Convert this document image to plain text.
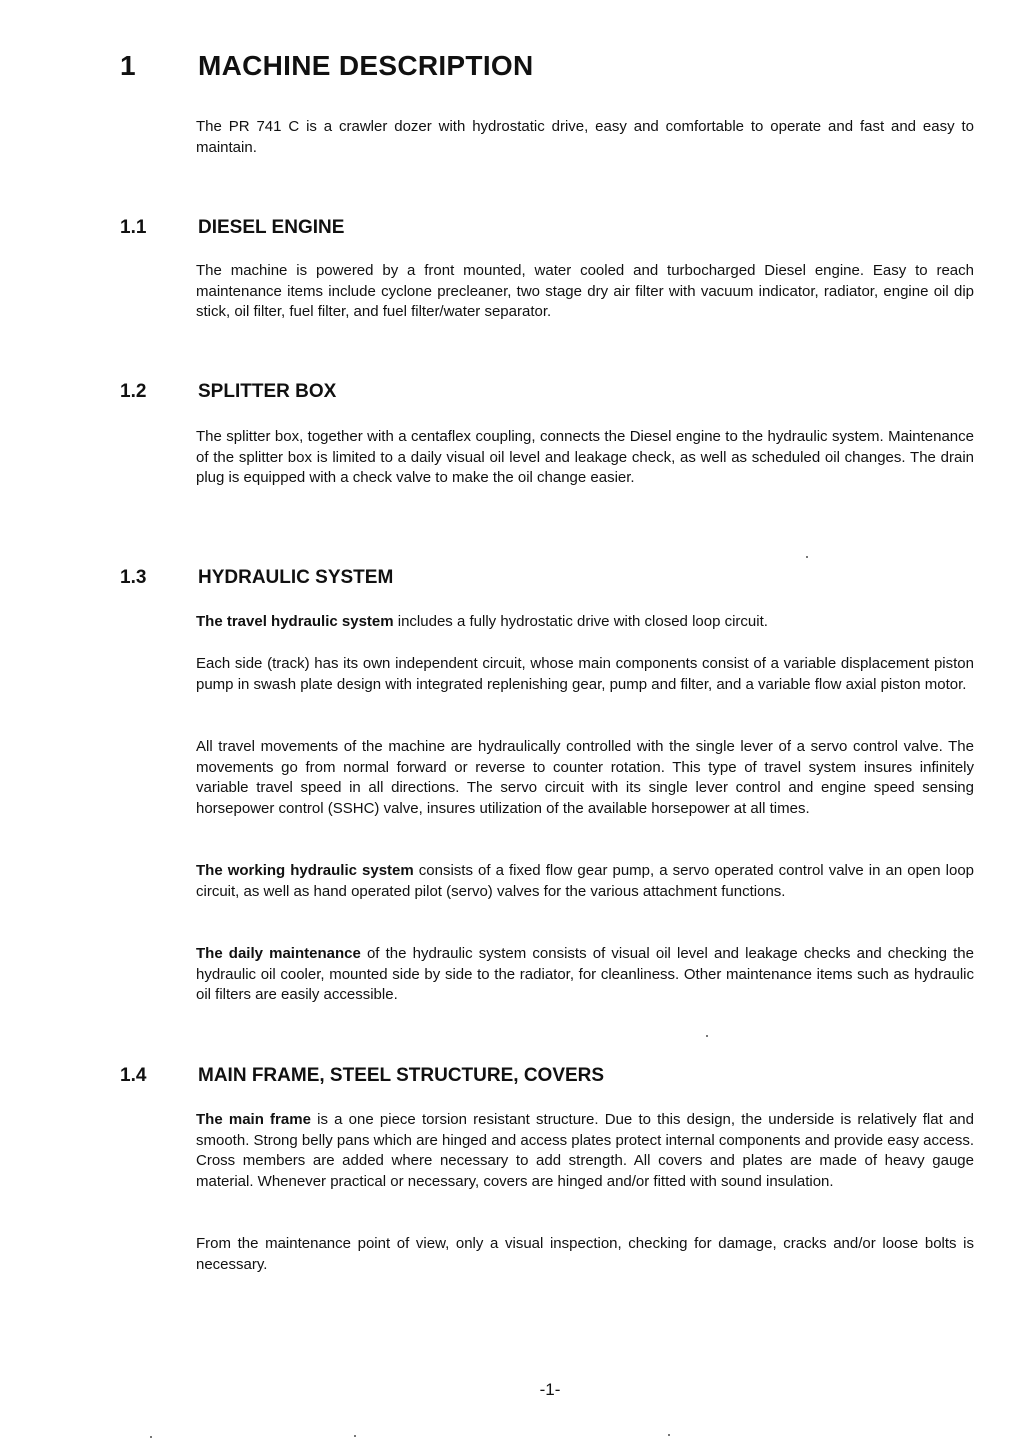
1 MACHINE DESCRIPTION

The PR 741 C is a crawler dozer with hydrostatic drive, easy and comfortable to operate and fast and easy to maintain.

1.1	DIESEL ENGINE

The machine is powered by a front mounted, water cooled and turbocharged Diesel engine. Easy to reach maintenance items include cyclone precleaner, two stage dry air filter with vacuum indicator, radiator, engine oil dip stick, oil filter, fuel filter, and fuel filter/water separator.

1.2	SPLITTER BOX

The splitter box, together with a centaflex coupling, connects the Diesel engine to the hydraulic system. Maintenance of the splitter box is limited to a daily visual oil level and leakage check, as well as scheduled oil changes. The drain plug is equipped with a check valve to make the oil change easier.

1.3	HYDRAULIC SYSTEM

The travel hydraulic system includes a fully hydrostatic drive with closed loop circuit.

Each side (track) has its own independent circuit, whose main components consist of a variable displacement piston pump in swash plate design with integrated replenishing gear, pump and filter, and a variable flow axial piston motor.

All travel movements of the machine are hydraulically controlled with the single lever of a servo control valve. The movements go from normal forward or reverse to counter rotation. This type of travel system insures infinitely variable travel speed in all directions. The servo circuit with its single lever control and engine speed sensing horsepower control (SSHC) valve, insures utilization of the available horsepower at all times.

The working hydraulic system consists of a fixed flow gear pump, a servo operated control valve in an open loop circuit, as well as hand operated pilot (servo) valves for the various attachment functions.

The daily maintenance of the hydraulic system consists of visual oil level and leakage checks and checking the hydraulic oil cooler, mounted side by side to the radiator, for cleanliness. Other maintenance items such as hydraulic oil filters are easily accessible.

1.4	MAIN FRAME, STEEL STRUCTURE, COVERS

The main frame is a one piece torsion resistant structure. Due to this design, the underside is relatively flat and smooth. Strong belly pans which are hinged and access plates protect internal components and provide easy access. Cross members are added where necessary to add strength. All covers and plates are made of heavy gauge material. Whenever practical or necessary, covers are hinged and/or fitted with sound insulation.

From the maintenance point of view, only a visual inspection, checking for damage, cracks and/or loose bolts is necessary.

-1-
